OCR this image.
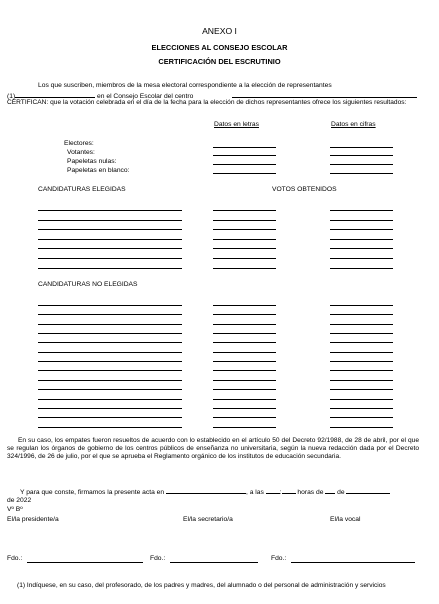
ANEXO I
ELECCIONES AL CONSEJO ESCOLAR
CERTIFICACIÓN DEL ESCRUTINIO
Los que suscriben, miembros de la mesa electoral correspondiente a la elección de representantes
(1)	en el Consejo Escolar del centro
CERTIFICAN: que la votación celebrada en el día de la fecha para la elección de dichos representantes ofrece los siguientes resultados:
Datos en letras	Datos en cifras
Electores:
Votantes:
Papeletas nulas:
Papeletas en blanco:
CANDIDATURAS ELEGIDAS	VOTOS OBTENIDOS
CANDIDATURAS NO ELEGIDAS
En su caso, los empates fueron resueltos de acuerdo con lo establecido en el artículo 50 del Decreto 92/1988, de 28 de abril, por el que se regulan los órganos de gobierno de los centros públicos de enseñanza no universitaria, según la nueva redacción dada por el Decreto 324/1996, de 26 de julio, por el que se aprueba el Reglamento orgánico de los institutos de educación secundaria.
Y para que conste, firmamos la presente acta en	, a las : horas de de
de 2022
Vº Bº
El/la presidente/a	El/la secretario/a	El/la vocal
Fdo.:	Fdo.:	Fdo.:
(1) Indíquese, en su caso, del profesorado, de los padres y madres, del alumnado o del personal de administración y servicios
